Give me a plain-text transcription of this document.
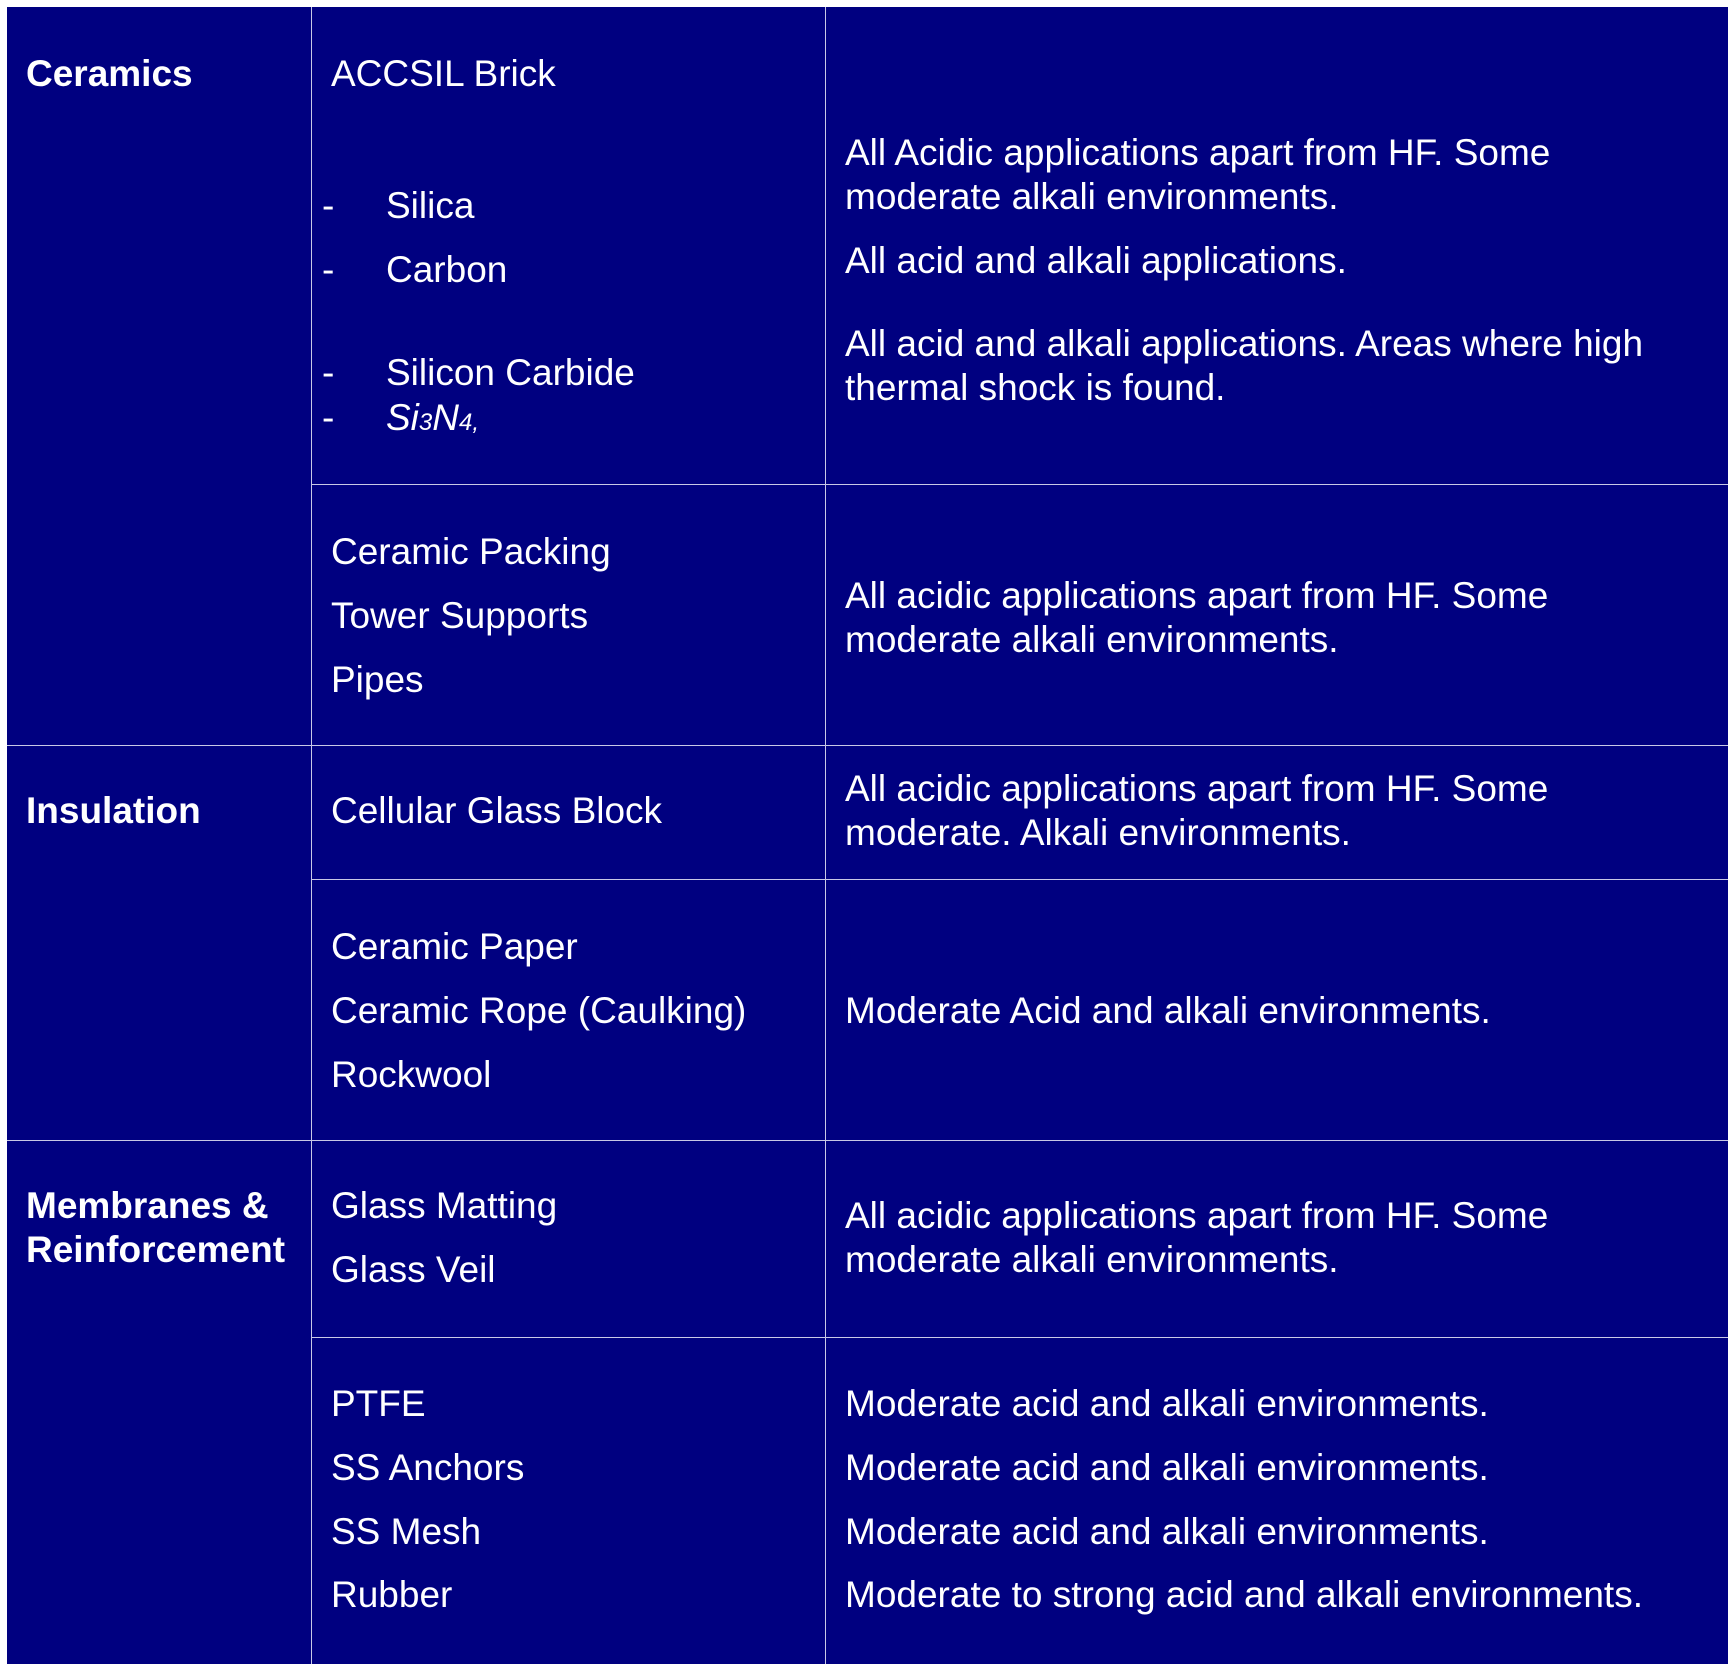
Ceramics
Insulation
Membranes &
Reinforcement
ACCSIL Brick
- Silica
- Carbon
- Silicon Carbide
- Si3N4,
All Acidic applications apart from HF. Some
moderate alkali environments.
All acid and alkali applications.
All acid and alkali applications. Areas where high
thermal shock is found.
Ceramic Packing
Tower Supports
Pipes
All acidic applications apart from HF. Some
moderate alkali environments.
Cellular Glass Block
All acidic applications apart from HF. Some
moderate. Alkali environments.
Ceramic Paper
Ceramic Rope (Caulking)
Rockwool
Moderate Acid and alkali environments.
Glass Matting
Glass Veil
All acidic applications apart from HF. Some
moderate alkali environments.
PTFE
SS Anchors
SS Mesh
Rubber
Moderate acid and alkali environments.
Moderate acid and alkali environments.
Moderate acid and alkali environments.
Moderate to strong acid and alkali environments.
